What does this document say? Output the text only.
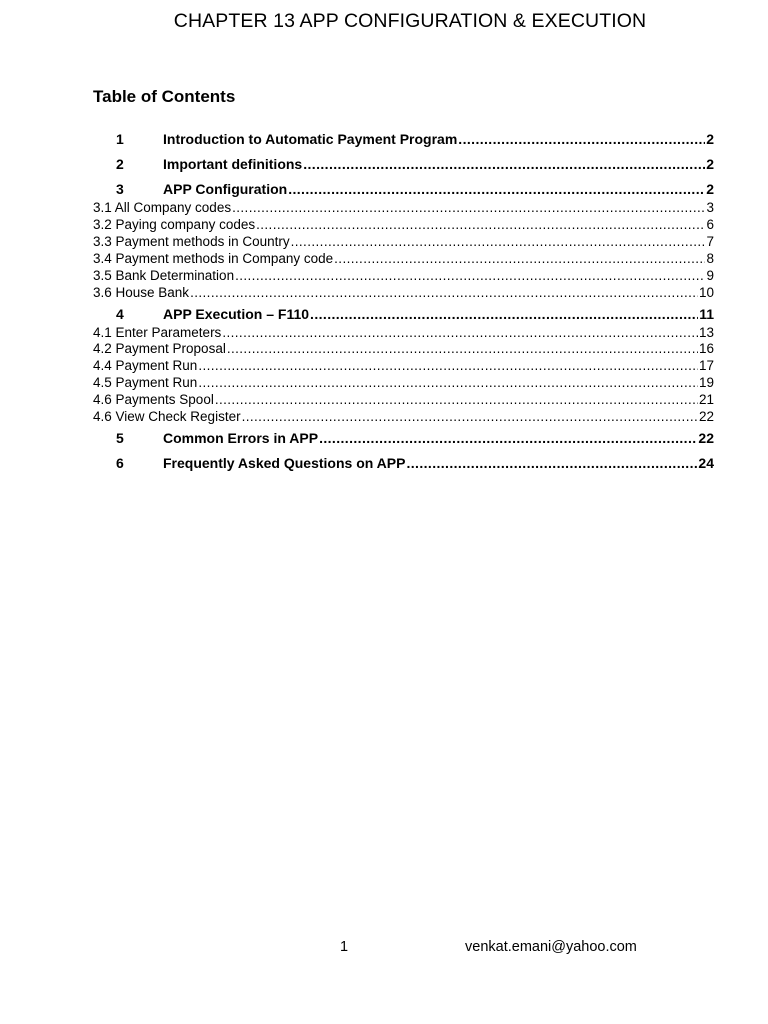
CHAPTER 13 APP CONFIGURATION & EXECUTION
Table of Contents
1	Introduction to Automatic Payment Program .....	2
2	Important definitions .....	2
3	APP Configuration .....	2
3.1 All Company codes .....	3
3.2 Paying company codes .....	6
3.3 Payment methods in Country .....	7
3.4 Payment methods in Company code .....	8
3.5 Bank Determination .....	9
3.6 House Bank .....	10
4	APP Execution – F110 .....	11
4.1 Enter Parameters .....	13
4.2 Payment Proposal .....	16
4.4 Payment Run .....	17
4.5 Payment Run .....	19
4.6 Payments Spool .....	21
4.6 View Check Register .....	22
5	Common Errors in APP .....	22
6	Frequently Asked Questions on APP .....	24
1	venkat.emani@yahoo.com
